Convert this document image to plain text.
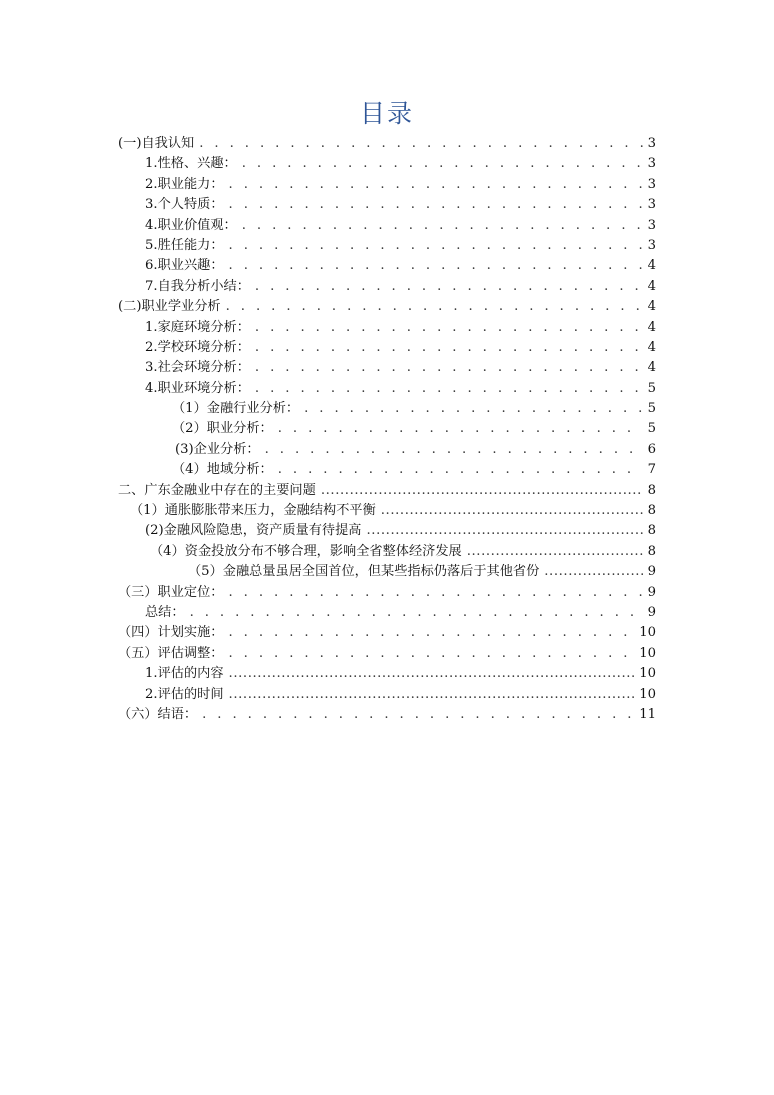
目录
(一)自我认知 . . .	3
1.性格、兴趣： . . .	3
2.职业能力： . . .	3
3.个人特质： . . .	3
4.职业价值观： . . .	3
5.胜任能力： . . .	3
6.职业兴趣： . . .	4
7.自我分析小结： . . .	4
(二)职业学业分析 . . .	4
1.家庭环境分析： . . .	4
2.学校环境分析： . . .	4
3.社会环境分析： . . .	4
4.职业环境分析： . . .	5
（1）金融行业分析： . . .	5
（2）职业分析： . . .	5
(3)企业分析： . . .	6
（4）地域分析： . . .	7
二、广东金融业中存在的主要问题 .....	8
（1）通胀膨胀带来压力，金融结构不平衡 .....	8
(2)金融风险隐患，资产质量有待提高 .....	8
（4）资金投放分布不够合理，影响全省整体经济发展 .....	8
（5）金融总量虽居全国首位，但某些指标仍落后于其他省份 .....	9
（三）职业定位： . . .	9
总结： . . .	9
（四）计划实施： . . .	10
（五）评估调整： . . .	10
1.评估的内容 .....	10
2.评估的时间 .....	10
（六）结语： . . .	11
